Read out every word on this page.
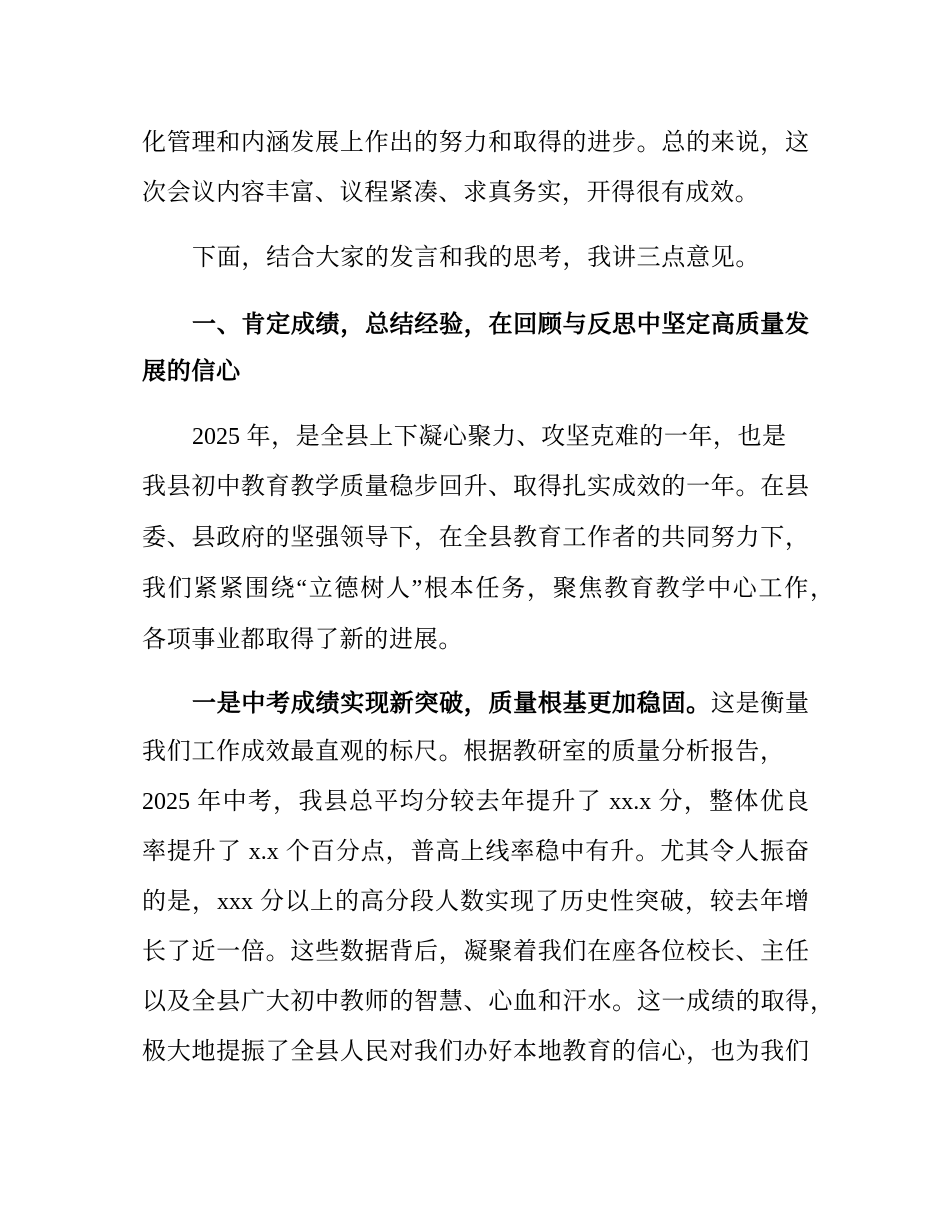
化管理和内涵发展上作出的努力和取得的进步。总的来说，这
次会议内容丰富、议程紧凑、求真务实，开得很有成效。
下面，结合大家的发言和我的思考，我讲三点意见。
一、肯定成绩，总结经验，在回顾与反思中坚定高质量发
展的信心
2025 年，是全县上下凝心聚力、攻坚克难的一年，也是
我县初中教育教学质量稳步回升、取得扎实成效的一年。在县
委、县政府的坚强领导下，在全县教育工作者的共同努力下，
我们紧紧围绕“立德树人”根本任务，聚焦教育教学中心工作，
各项事业都取得了新的进展。
一是中考成绩实现新突破，质量根基更加稳固。这是衡量
我们工作成效最直观的标尺。根据教研室的质量分析报告，
2025 年中考，我县总平均分较去年提升了 xx.x 分，整体优良
率提升了 x.x 个百分点，普高上线率稳中有升。尤其令人振奋
的是，xxx 分以上的高分段人数实现了历史性突破，较去年增
长了近一倍。这些数据背后，凝聚着我们在座各位校长、主任
以及全县广大初中教师的智慧、心血和汗水。这一成绩的取得，
极大地提振了全县人民对我们办好本地教育的信心，也为我们
